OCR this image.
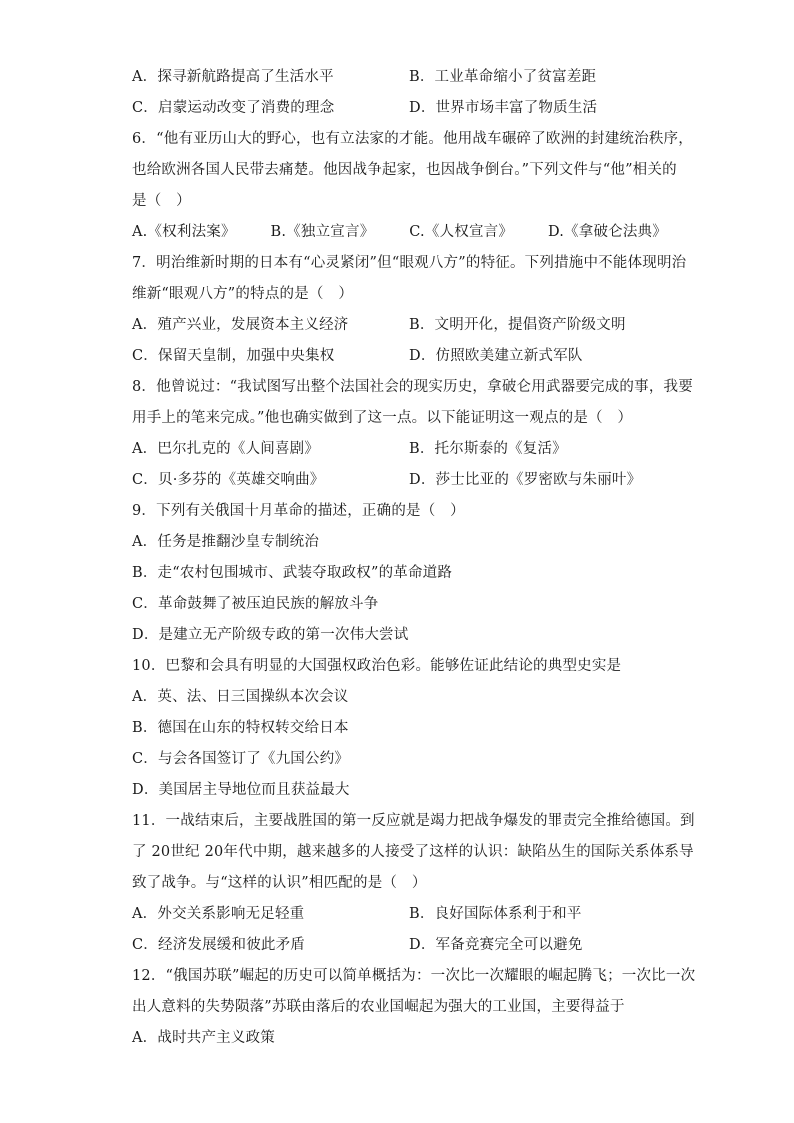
A．探寻新航路提高了生活水平	B．工业革命缩小了贫富差距
C．启蒙运动改变了消费的理念	D．世界市场丰富了物质生活
6．“他有亚历山大的野心，也有立法家的才能。他用战车碾碎了欧洲的封建统治秩序，
也给欧洲各国人民带去痛楚。他因战争起家，也因战争倒台。”下列文件与“他”相关的
是（　）
A.《权利法案》 B.《独立宣言》 C.《人权宣言》 D.《拿破仑法典》
7．明治维新时期的日本有“心灵紧闭”但“眼观八方”的特征。下列措施中不能体现明治
维新“眼观八方”的特点的是（　）
A．殖产兴业，发展资本主义经济	B．文明开化，提倡资产阶级文明
C．保留天皇制，加强中央集权	D．仿照欧美建立新式军队
8．他曾说过：“我试图写出整个法国社会的现实历史，拿破仑用武器要完成的事，我要
用手上的笔来完成。”他也确实做到了这一点。以下能证明这一观点的是（　）
A．巴尔扎克的《人间喜剧》	B．托尔斯泰的《复活》
C．贝·多芬的《英雄交响曲》	D．莎士比亚的《罗密欧与朱丽叶》
9．下列有关俄国十月革命的描述，正确的是（　）
A．任务是推翻沙皇专制统治
B．走“农村包围城市、武装夺取政权”的革命道路
C．革命鼓舞了被压迫民族的解放斗争
D．是建立无产阶级专政的第一次伟大尝试
10．巴黎和会具有明显的大国强权政治色彩。能够佐证此结论的典型史实是
A．英、法、日三国操纵本次会议
B．德国在山东的特权转交给日本
C．与会各国签订了《九国公约》
D．美国居主导地位而且获益最大
11．一战结束后，主要战胜国的第一反应就是竭力把战争爆发的罪责完全推给德国。到
了 20世纪 20年代中期，越来越多的人接受了这样的认识：缺陷丛生的国际关系体系导
致了战争。与“这样的认识”相匹配的是（　）
A．外交关系影响无足轻重	B．良好国际体系利于和平
C．经济发展缓和彼此矛盾	D．军备竞赛完全可以避免
12．“俄国苏联”崛起的历史可以简单概括为：一次比一次耀眼的崛起腾飞；一次比一次
出人意料的失势陨落”苏联由落后的农业国崛起为强大的工业国，主要得益于
A．战时共产主义政策
